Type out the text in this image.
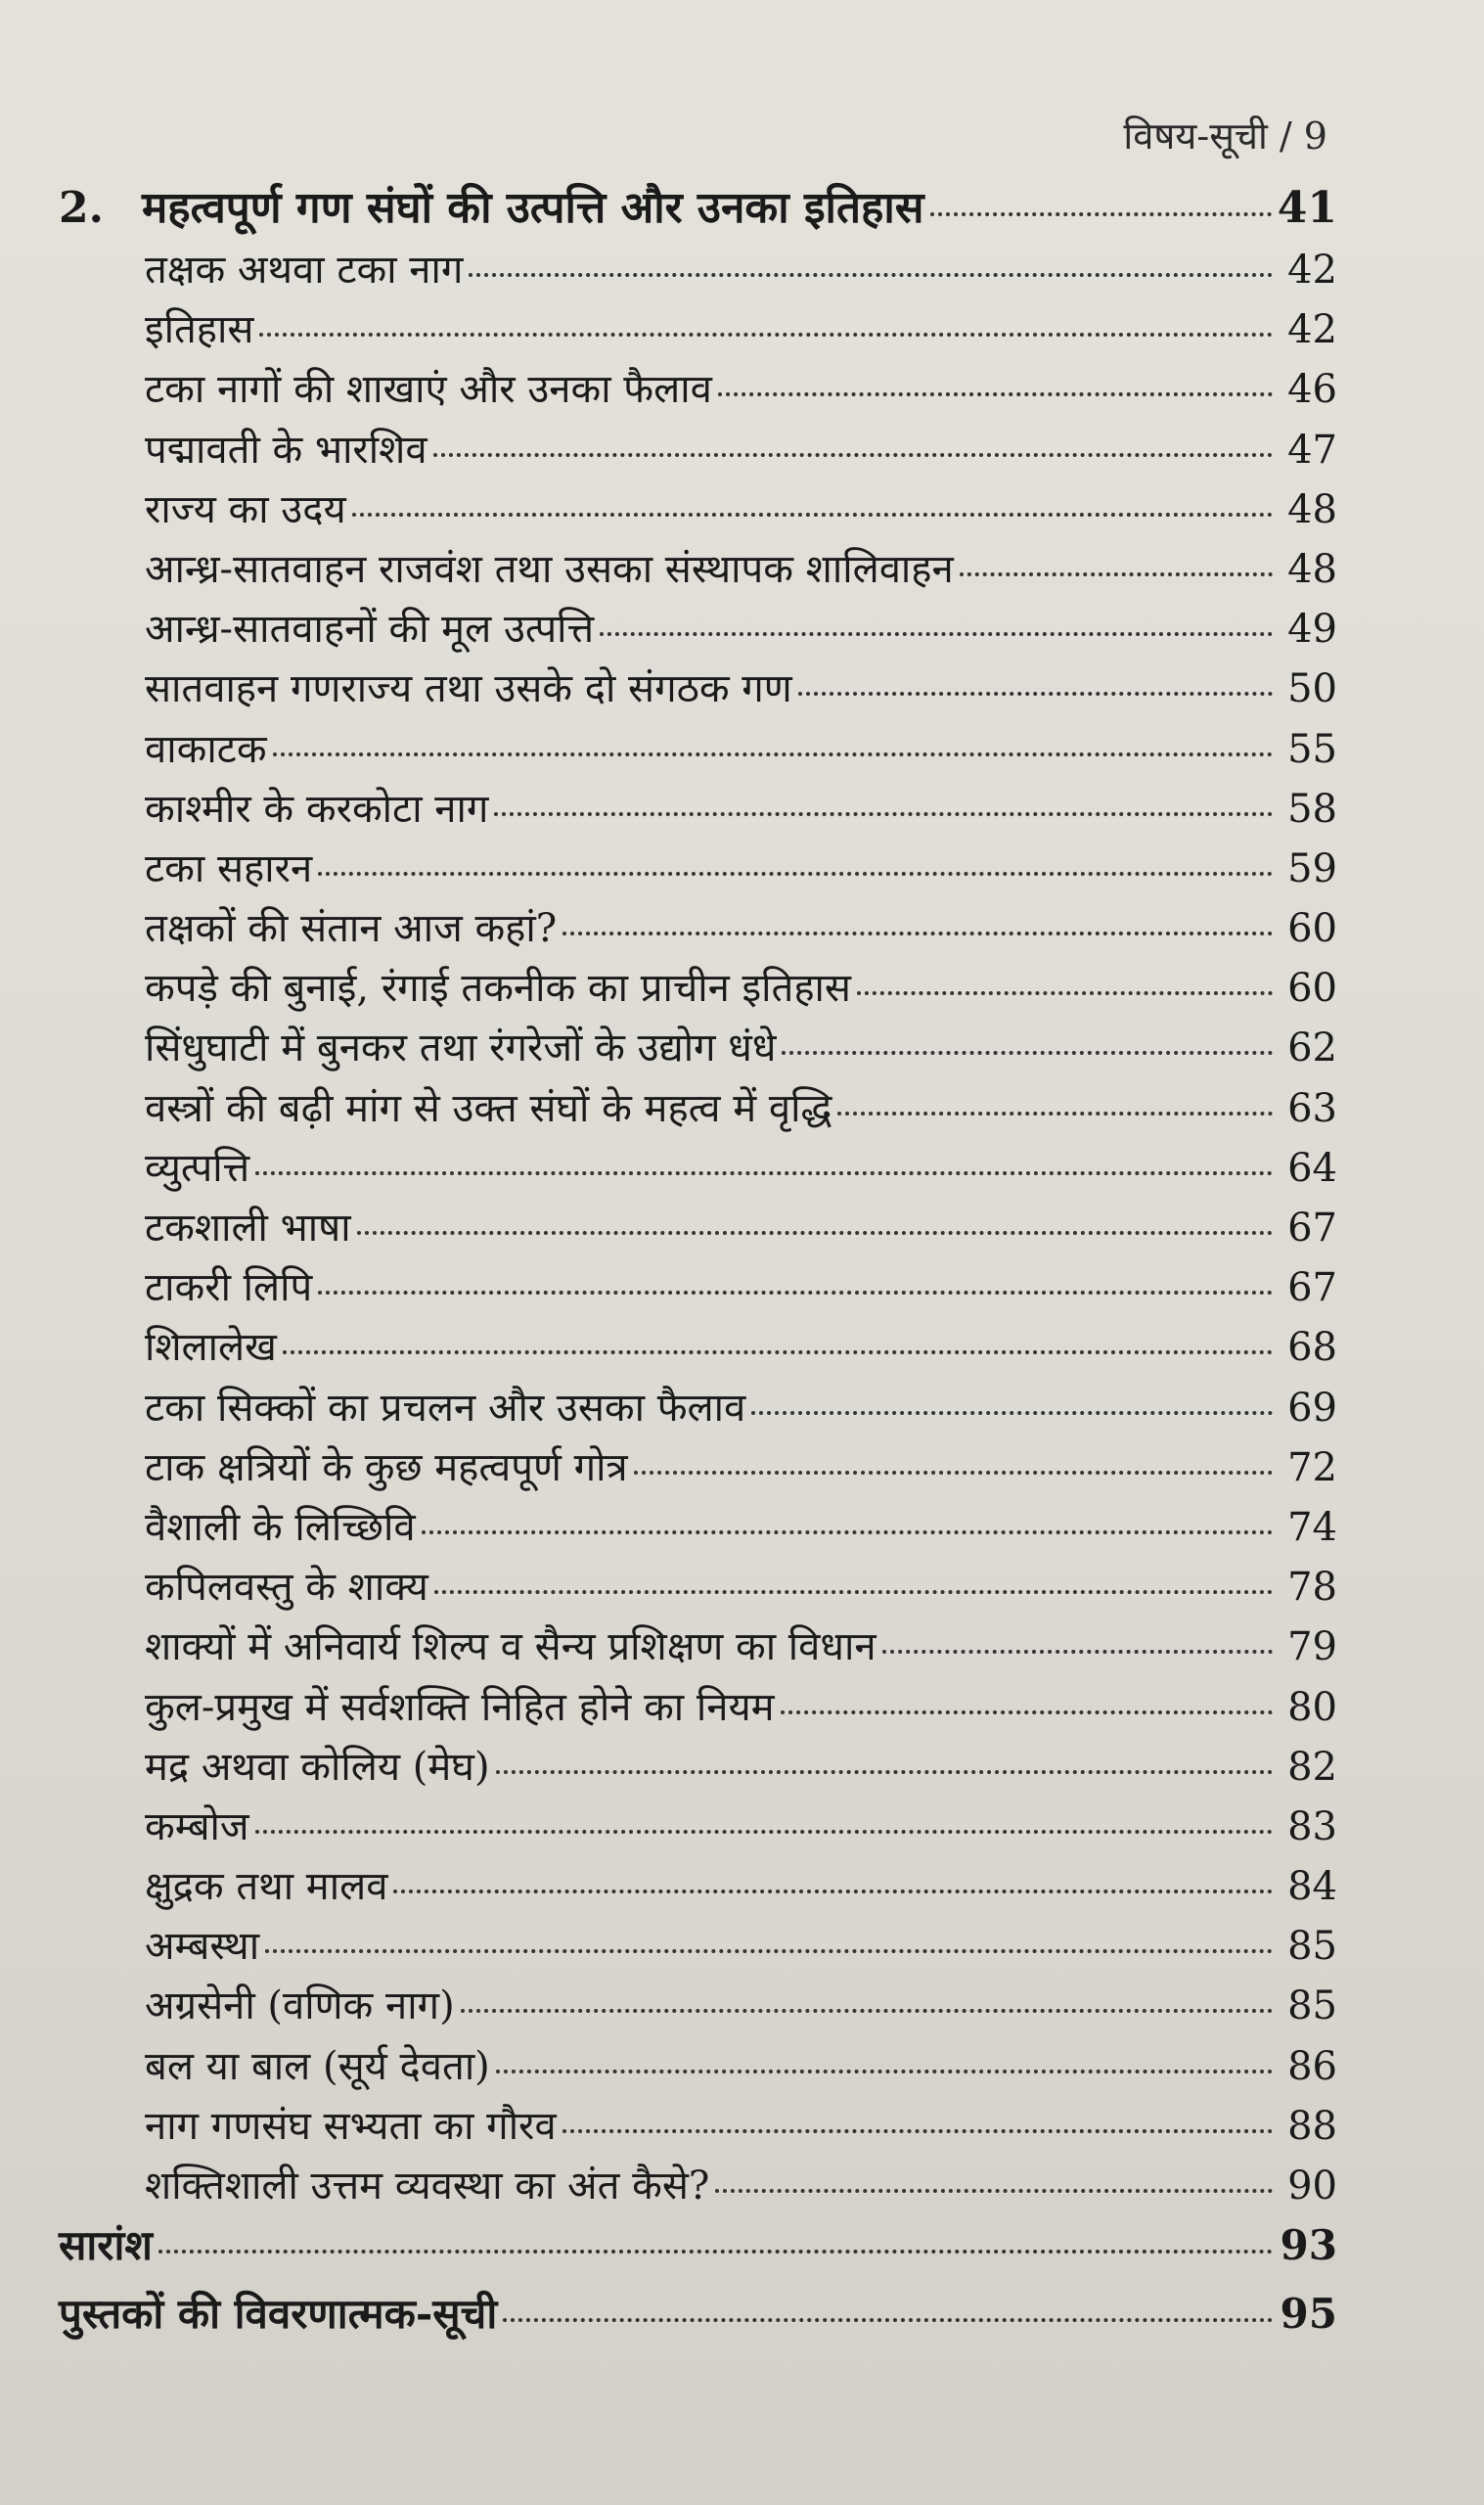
विषय-सूची / 9
2. महत्वपूर्ण गण संघों की उत्पत्ति और उनका इतिहास	41
तक्षक अथवा टका नाग	42
इतिहास	42
टका नागों की शाखाएं और उनका फैलाव	46
पद्मावती के भारशिव	47
राज्य का उदय	48
आन्ध्र-सातवाहन राजवंश तथा उसका संस्थापक शालिवाहन	48
आन्ध्र-सातवाहनों की मूल उत्पत्ति	49
सातवाहन गणराज्य तथा उसके दो संगठक गण	50
वाकाटक	55
काश्मीर के करकोटा नाग	58
टका सहारन	59
तक्षकों की संतान आज कहां?	60
कपड़े की बुनाई, रंगाई तकनीक का प्राचीन इतिहास	60
सिंधुघाटी में बुनकर तथा रंगरेजों के उद्योग धंधे	62
वस्त्रों की बढ़ी मांग से उक्त संघों के महत्व में वृद्धि	63
व्युत्पत्ति	64
टकशाली भाषा	67
टाकरी लिपि	67
शिलालेख	68
टका सिक्कों का प्रचलन और उसका फैलाव	69
टाक क्षत्रियों के कुछ महत्वपूर्ण गोत्र	72
वैशाली के लिच्छिवि	74
कपिलवस्तु के शाक्य	78
शाक्यों में अनिवार्य शिल्प व सैन्य प्रशिक्षण का विधान	79
कुल-प्रमुख में सर्वशक्ति निहित होने का नियम	80
मद्र अथवा कोलिय (मेघ)	82
कम्बोज	83
क्षुद्रक तथा मालव	84
अम्बस्था	85
अग्रसेनी (वणिक नाग)	85
बल या बाल (सूर्य देवता)	86
नाग गणसंघ सभ्यता का गौरव	88
शक्तिशाली उत्तम व्यवस्था का अंत कैसे?	90
सारांश	93
पुस्तकों की विवरणात्मक-सूची	95
